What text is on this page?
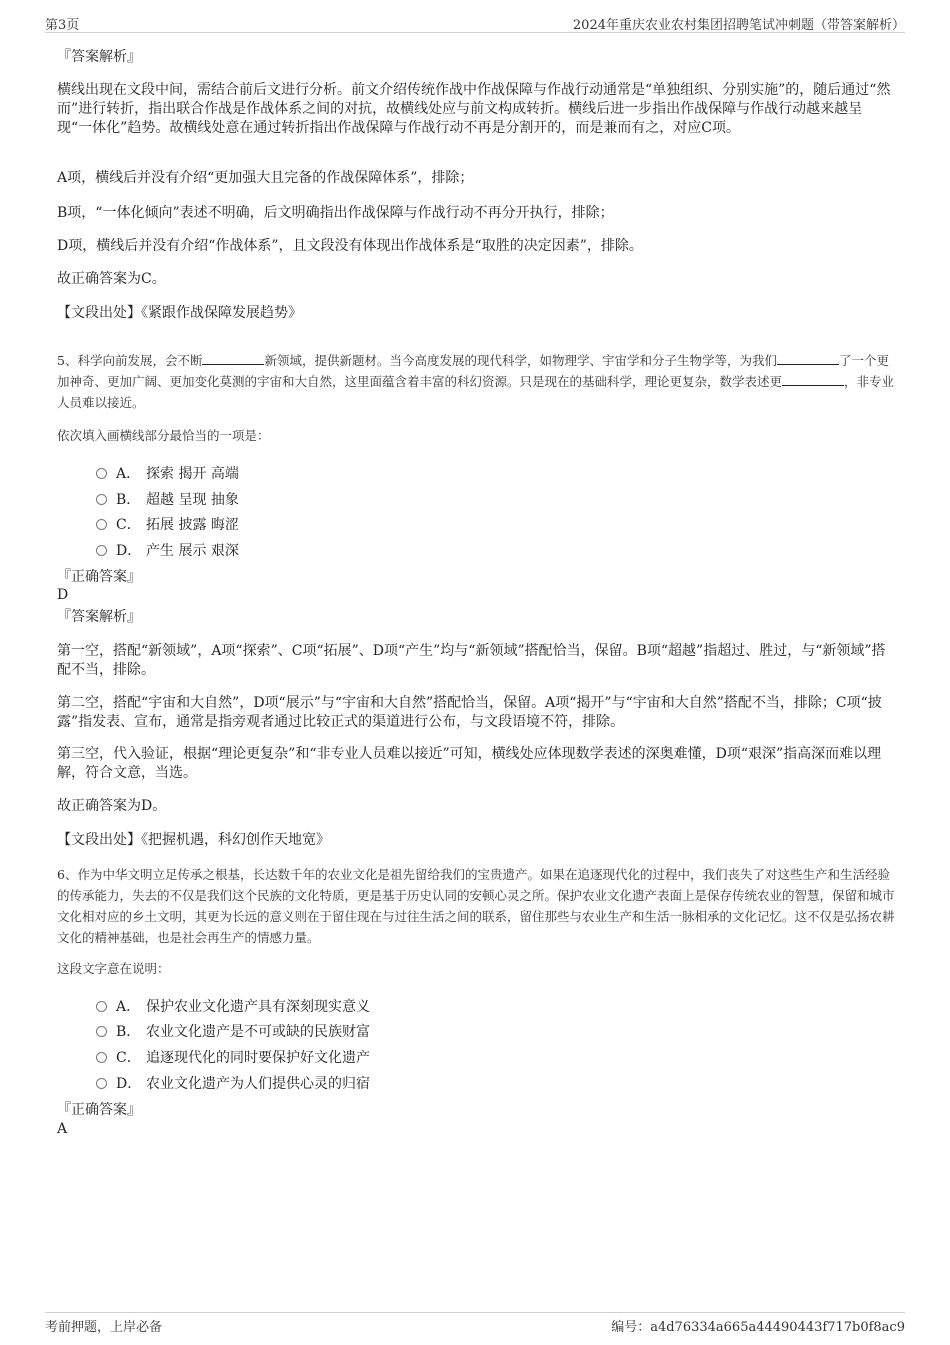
第3页	2024年重庆农业农村集团招聘笔试冲刺题（带答案解析）
『答案解析』
横线出现在文段中间，需结合前后文进行分析。前文介绍传统作战中作战保障与作战行动通常是“单独组织、分别实施”的，随后通过“然而”进行转折，指出联合作战是作战体系之间的对抗，故横线处应与前文构成转折。横线后进一步指出作战保障与作战行动越来越呈现“一体化”趋势。故横线处意在通过转折指出作战保障与作战行动不再是分割开的，而是兼而有之，对应C项。
A项，横线后并没有介绍“更加强大且完备的作战保障体系”，排除；
B项，“一体化倾向”表述不明确，后文明确指出作战保障与作战行动不再分开执行，排除；
D项，横线后并没有介绍“作战体系”，且文段没有体现出作战体系是“取胜的决定因素”，排除。
故正确答案为C。
【文段出处】《紧跟作战保障发展趋势》
5、科学向前发展，会不断	新领域，提供新题材。当今高度发展的现代科学，如物理学、宇宙学和分子生物学等，为我们	了一个更加神奇、更加广阔、更加变化莫测的宇宙和大自然，这里面蕴含着丰富的科幻资源。只是现在的基础科学，理论更复杂，数学表述更	，非专业人员难以接近。
依次填入画横线部分最恰当的一项是：
A． 探索 揭开 高端
B． 超越 呈现 抽象
C． 拓展 披露 晦涩
D． 产生 展示 艰深
『正确答案』
D
『答案解析』
第一空，搭配“新领域”，A项“探索”、C项“拓展”、D项“产生”均与“新领域”搭配恰当，保留。B项“超越”指超过、胜过，与“新领域”搭配不当，排除。
第二空，搭配“宇宙和大自然”，D项“展示”与“宇宙和大自然”搭配恰当，保留。A项“揭开”与“宇宙和大自然”搭配不当，排除；C项“披露”指发表、宣布，通常是指旁观者通过比较正式的渠道进行公布，与文段语境不符，排除。
第三空，代入验证，根据“理论更复杂”和“非专业人员难以接近”可知，横线处应体现数学表述的深奥难懂，D项“艰深”指高深而难以理解，符合文意，当选。
故正确答案为D。
【文段出处】《把握机遇，科幻创作天地宽》
6、作为中华文明立足传承之根基，长达数千年的农业文化是祖先留给我们的宝贵遗产。如果在追逐现代化的过程中，我们丧失了对这些生产和生活经验的传承能力，失去的不仅是我们这个民族的文化特质，更是基于历史认同的安顿心灵之所。保护农业文化遗产表面上是保存传统农业的智慧，保留和城市文化相对应的乡土文明，其更为长远的意义则在于留住现在与过往生活之间的联系，留住那些与农业生产和生活一脉相承的文化记忆。这不仅是弘扬农耕文化的精神基础，也是社会再生产的情感力量。
这段文字意在说明：
A． 保护农业文化遗产具有深刻现实意义
B． 农业文化遗产是不可或缺的民族财富
C． 追逐现代化的同时要保护好文化遗产
D． 农业文化遗产为人们提供心灵的归宿
『正确答案』
A
考前押题，上岸必备	编号：a4d76334a665a44490443f717b0f8ac9
